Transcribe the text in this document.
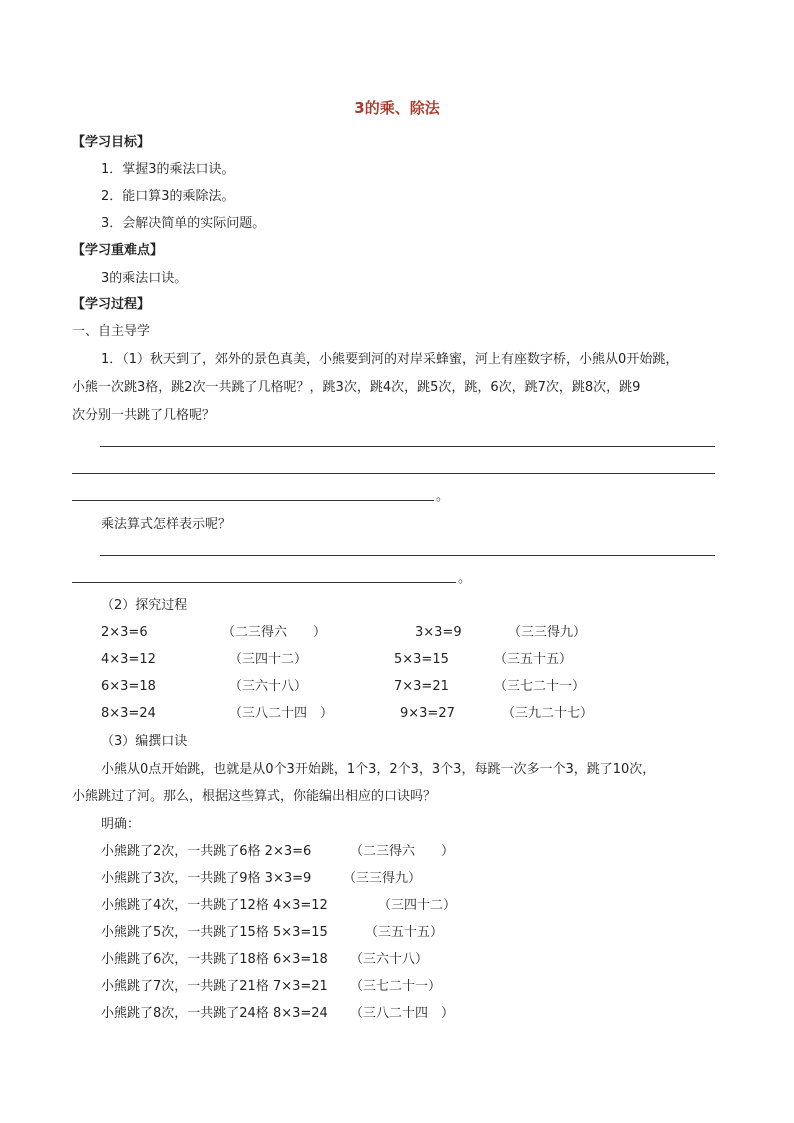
3的乘、除法
【学习目标】
1．掌握3的乘法口诀。
2．能口算3的乘除法。
3．会解决简单的实际问题。
【学习重难点】
3的乘法口诀。
【学习过程】
一、自主导学
1．（1）秋天到了，郊外的景色真美，小熊要到河的对岸采蜂蜜，河上有座数字桥，小熊从0开始跳，
小熊一次跳3格，跳2次一共跳了几格呢？，跳3次，跳4次，跳5次，跳，6次，跳7次，跳8次，跳9
次分别一共跳了几格呢？
。
乘法算式怎样表示呢？
。
（2）探究过程
2×3=6	（二三得六　　）	3×3=9	（三三得九）
4×3=12	（三四十二）	5×3=15	（三五十五）
6×3=18	（三六十八）	7×3=21	（三七二十一）
8×3=24	（三八二十四　）	9×3=27	（三九二十七）
（3）编撰口诀
小熊从0点开始跳，也就是从0个3开始跳，1个3，2个3，3个3，每跳一次多一个3，跳了10次，
小熊跳过了河。那么，根据这些算式，你能编出相应的口诀吗？
明确：
小熊跳了2次，一共跳了6格 2×3=6	（二三得六　　）
小熊跳了3次，一共跳了9格 3×3=9 （三三得九）
小熊跳了4次，一共跳了12格 4×3=12	（三四十二）
小熊跳了5次，一共跳了15格 5×3=15	（三五十五）
小熊跳了6次，一共跳了18格 6×3=18 （三六十八）
小熊跳了7次，一共跳了21格 7×3=21 （三七二十一）
小熊跳了8次，一共跳了24格 8×3=24 （三八二十四　）
